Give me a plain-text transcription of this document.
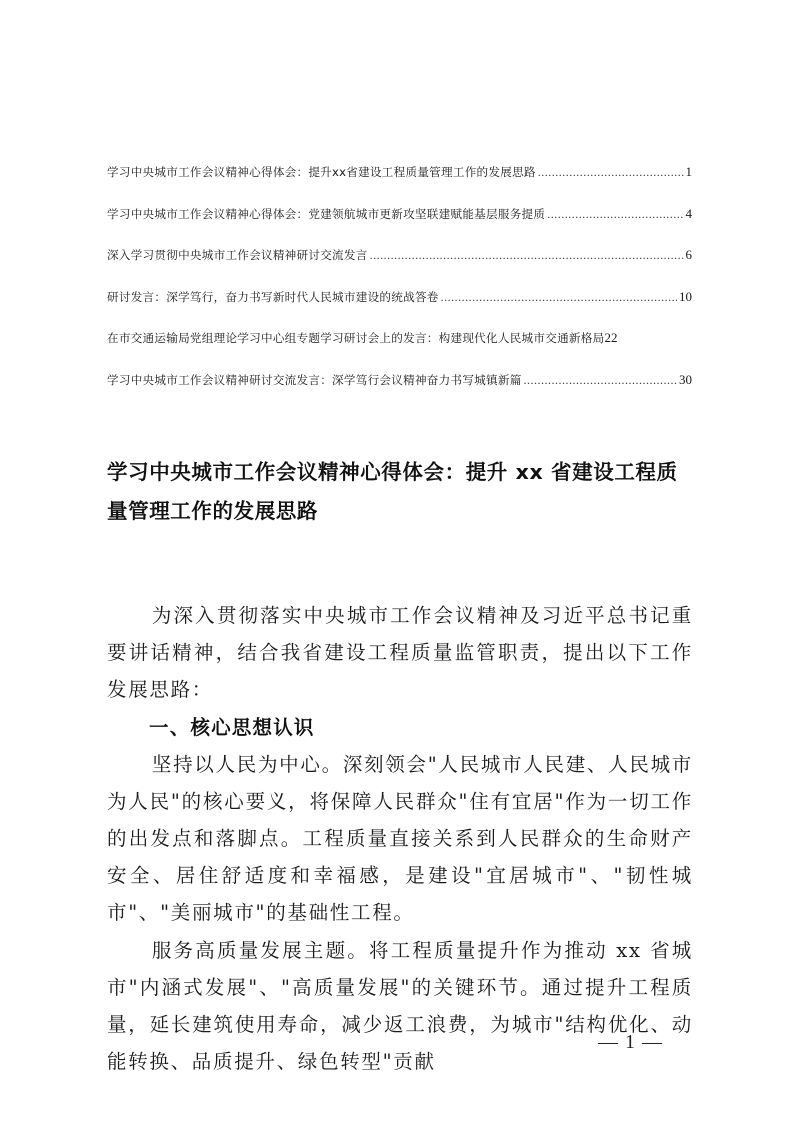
学习中央城市工作会议精神心得体会：提升xx省建设工程质量管理工作的发展思路 .....	1
学习中央城市工作会议精神心得体会：党建领航城市更新攻坚联建赋能基层服务提质 .....	4
深入学习贯彻中央城市工作会议精神研讨交流发言 .....	6
研讨发言：深学笃行，奋力书写新时代人民城市建设的统战答卷 .....	10
在市交通运输局党组理论学习中心组专题学习研讨会上的发言：构建现代化人民城市交通新格局 22
学习中央城市工作会议精神研讨交流发言：深学笃行会议精神奋力书写城镇新篇 .....	30
学习中央城市工作会议精神心得体会：提升 xx 省建设工程质量管理工作的发展思路

为深入贯彻落实中央城市工作会议精神及习近平总书记重要讲话精神，结合我省建设工程质量监管职责，提出以下工作发展思路：

一、核心思想认识

坚持以人民为中心。深刻领会"人民城市人民建、人民城市为人民"的核心要义，将保障人民群众"住有宜居"作为一切工作的出发点和落脚点。工程质量直接关系到人民群众的生命财产安全、居住舒适度和幸福感，是建设"宜居城市"、"韧性城市"、"美丽城市"的基础性工程。

服务高质量发展主题。将工程质量提升作为推动 xx 省城市"内涵式发展"、"高质量发展"的关键环节。通过提升工程质量，延长建筑使用寿命，减少返工浪费，为城市"结构优化、动能转换、品质提升、绿色转型"贡献

— 1 —
